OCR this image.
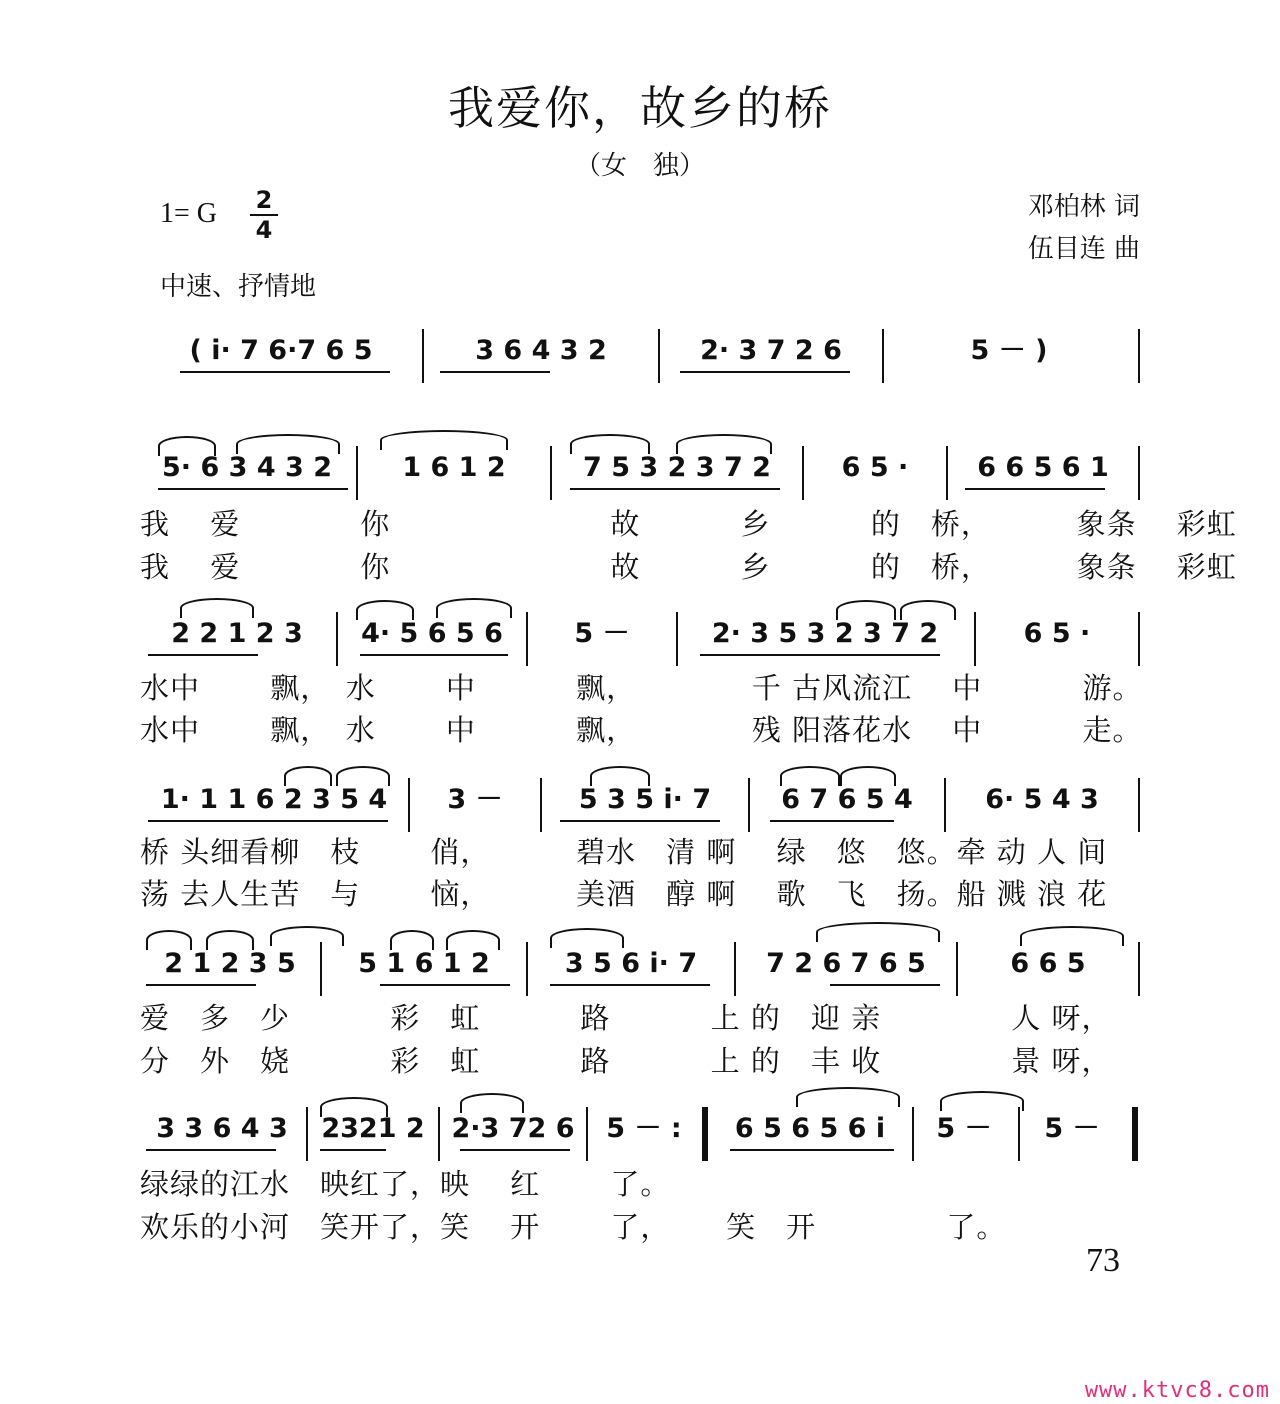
我爱你，故乡的桥
（女　独）
1= G 2
4
邓柏林 词
伍目连 曲
中速、抒情地
( i· 7 6·7 6 5	3 6 4 3 2	2· 3 7 2 6	5 － )
5· 6 3 4 3 2	1 6 1 2	7 5 3 2 3 7 2	6 5 ·	6 6 5 6 1
我　 爱　　　　你　　　　　　　 故　　　 乡　　　 的　桥，　　　 象条　 彩虹
我　 爱　　　　你　　　　　　　 故　　　 乡　　　 的　桥，　　　 象条　 彩虹
2 2 1 2 3 4· 5 6 5 6	5 －	2· 3 5 3 2 3 7 2	6 5 ·
水中　　 飘，　水　　 中　　　 飘，　　　　 千 古风流江　 中　　　 游。
水中　　 飘，　水　　 中　　　 飘，　　　　 残 阳落花水　 中　　　 走。
1· 1 1 6 2 3 5 4 3 －	5 3 5 i· 7	6 7 6 5 4	6· 5 4 3
桥 头细看柳　枝　　 俏，　　　 碧水　清 啊　 绿　悠　悠。牵 动 人 间
荡 去人生苦　与　　 恼，　　　 美酒　醇 啊　 歌　飞　扬。船 溅 浪 花
2 1 2 3 5 5 1 6 1 2	3 5 6 i· 7	7 2 6 7 6 5	6 6 5
爱　多　少　　　 彩　虹　　　 路　　　 上 的　迎 亲　　　　 人 呀，
分　外　娆　　　 彩　虹　　　 路　　　 上 的　丰 收　　　　 景 呀，
3 3 6 4 3 2321 2 2·3 72 6 5 － : 6 5 6 5 6 i 5 － 5 －
绿绿的江水　映红了，映　 红　　 了。
欢乐的小河　笑开了，笑　 开　　 了，　　 笑　开　　　　 了。
73
www.ktvc8.com
